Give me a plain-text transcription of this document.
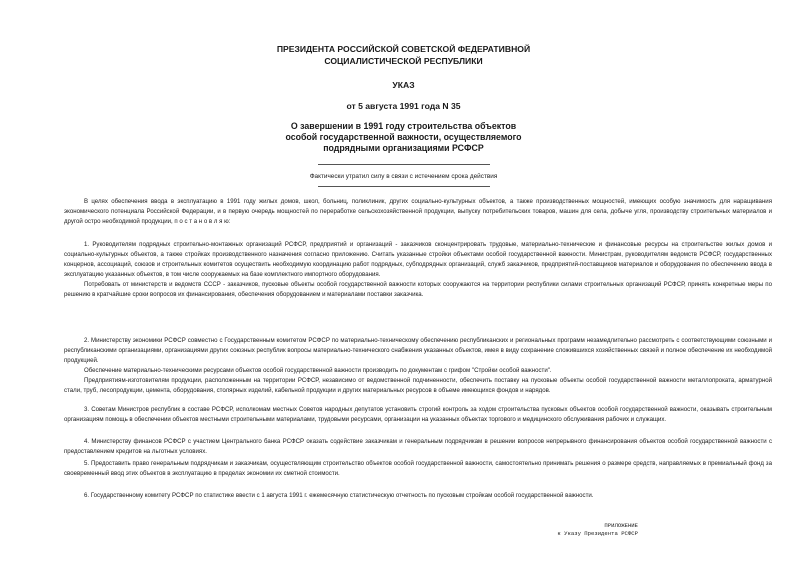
ПРЕЗИДЕНТА РОССИЙСКОЙ СОВЕТСКОЙ ФЕДЕРАТИВНОЙ
СОЦИАЛИСТИЧЕСКОЙ РЕСПУБЛИКИ
УКАЗ
от 5 августа 1991 года N 35
О завершении в 1991 году строительства объектов
особой государственной важности, осуществляемого
подрядными организациями РСФСР
Фактически утратил силу в связи с истечением срока действия

В целях обеспечения ввода в эксплуатацию в 1991 году жилых домов, школ, больниц, поликлиник, других социально-культурных объектов, а также производственных мощностей, имеющих особую значимость для наращивания экономического потенциала Российской Федерации, и в первую очередь мощностей по переработке сельскохозяйственной продукции, выпуску потребительских товаров, машин для села, добыче угля, производству строительных материалов и другой остро необходимой продукции, п о с т а н о в л я ю:

1. Руководителям подрядных строительно-монтажных организаций РСФСР, предприятий и организаций - заказчиков сконцентрировать трудовые, материально-технические и финансовые ресурсы на строительстве жилых домов и социально-культурных объектов, а также стройках производственного назначения согласно приложению. Считать указанные стройки объектами особой государственной важности. Министрам, руководителям ведомств РСФСР, государственных концернов, ассоциаций, союзов и строительных комитетов осуществить необходимую координацию работ подрядных, субподрядных организаций, служб заказчиков, предприятий-поставщиков материалов и оборудования по обеспечению ввода в эксплуатацию указанных объектов, в том числе сооружаемых на базе комплектного импортного оборудования.

Потребовать от министерств и ведомств СССР - заказчиков, пусковые объекты особой государственной важности которых сооружаются на территории республики силами строительных организаций РСФСР, принять конкретные меры по решению в кратчайшие сроки вопросов их финансирования, обеспечения оборудованием и материалами поставки заказчика.

2. Министерству экономики РСФСР совместно с Государственным комитетом РСФСР по материально-техническому обеспечению республиканских и региональных программ незамедлительно рассмотреть с соответствующими союзными и республиканскими организациями, организациями других союзных республик вопросы материально-технического снабжения указанных объектов, имея в виду сохранение сложившихся хозяйственных связей и полное обеспечение их необходимой продукцией.

Обеспечение материально-техническими ресурсами объектов особой государственной важности производить по документам с грифом "Стройки особой важности".

Предприятиям-изготовителям продукции, расположенным на территории РСФСР, независимо от ведомственной подчиненности, обеспечить поставку на пусковые объекты особой государственной важности металлопроката, арматурной стали, труб, лесопродукции, цемента, оборудования, столярных изделий, кабельной продукции и других материальных ресурсов в объеме имеющихся фондов и нарядов.

3. Советам Министров республик в составе РСФСР, исполкомам местных Советов народных депутатов установить строгий контроль за ходом строительства пусковых объектов особой государственной важности, оказывать строительным организациям помощь в обеспечении объектов местными строительными материалами, трудовыми ресурсами, организации на указанных объектах торгового и медицинского обслуживания рабочих и служащих.

4. Министерству финансов РСФСР с участием Центрального банка РСФСР оказать содействие заказчикам и генеральным подрядчикам в решении вопросов непрерывного финансирования объектов особой государственной важности с предоставлением кредитов на льготных условиях.

5. Предоставить право генеральным подрядчикам и заказчикам, осуществляющим строительство объектов особой государственной важности, самостоятельно принимать решения о размере средств, направляемых в премиальный фонд за своевременный ввод этих объектов в эксплуатацию в пределах экономии их сметной стоимости.

6. Государственному комитету РСФСР по статистике ввести с 1 августа 1991 г. ежемесячную статистическую отчетность по пусковым стройкам особой государственной важности.

ПРИЛОЖЕНИЕ
к Указу Президента РСФСР
